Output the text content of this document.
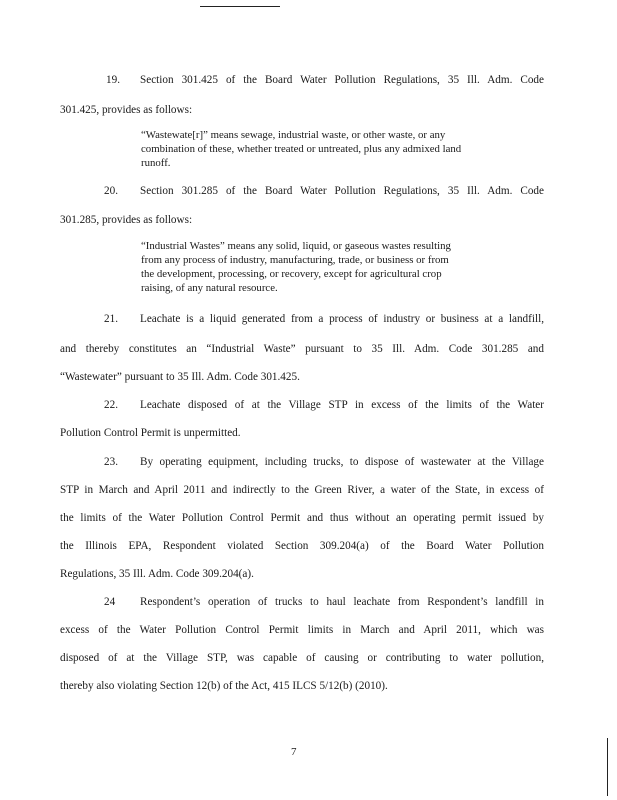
19. Section 301.425 of the Board Water Pollution Regulations, 35 Ill. Adm. Code
301.425, provides as follows:
“Wastewate[r]” means sewage, industrial waste, or other waste, or any
combination of these, whether treated or untreated, plus any admixed land
runoff.
20. Section 301.285 of the Board Water Pollution Regulations, 35 Ill. Adm. Code
301.285, provides as follows:
“Industrial Wastes” means any solid, liquid, or gaseous wastes resulting
from any process of industry, manufacturing, trade, or business or from
the development, processing, or recovery, except for agricultural crop
raising, of any natural resource.
21. Leachate is a liquid generated from a process of industry or business at a landfill,
and thereby constitutes an “Industrial Waste” pursuant to 35 Ill. Adm. Code 301.285 and
“Wastewater” pursuant to 35 Ill. Adm. Code 301.425.
22. Leachate disposed of at the Village STP in excess of the limits of the Water
Pollution Control Permit is unpermitted.
23. By operating equipment, including trucks, to dispose of wastewater at the Village
STP in March and April 2011 and indirectly to the Green River, a water of the State, in excess of
the limits of the Water Pollution Control Permit and thus without an operating permit issued by
the Illinois EPA, Respondent violated Section 309.204(a) of the Board Water Pollution
Regulations, 35 Ill. Adm. Code 309.204(a).
24 Respondent’s operation of trucks to haul leachate from Respondent’s landfill in
excess of the Water Pollution Control Permit limits in March and April 2011, which was
disposed of at the Village STP, was capable of causing or contributing to water pollution,
thereby also violating Section 12(b) of the Act, 415 ILCS 5/12(b) (2010).
7
